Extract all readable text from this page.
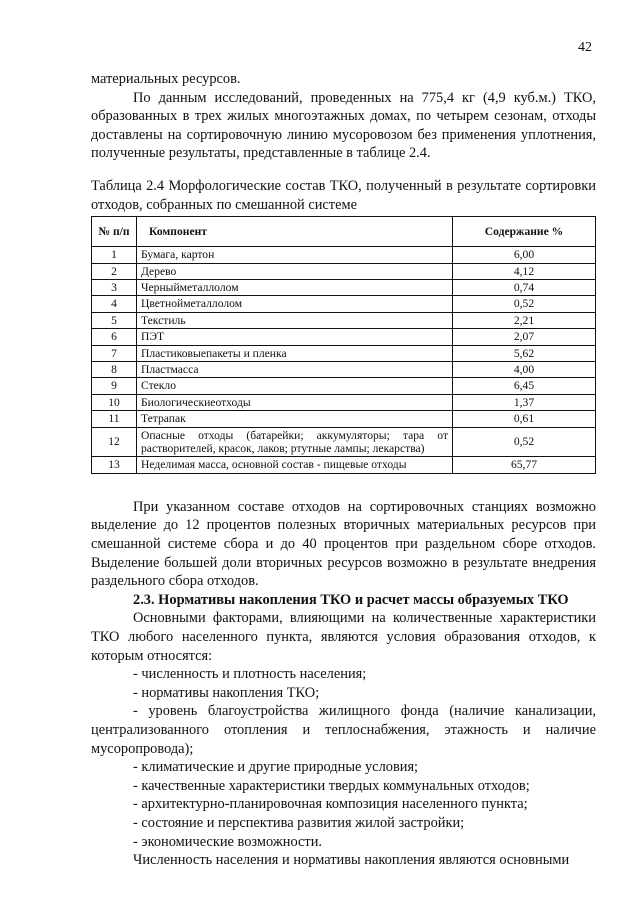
42

материальных ресурсов.

По данным исследований, проведенных на 775,4 кг (4,9 куб.м.) ТКО, образованных в трех жилых многоэтажных домах, по четырем сезонам, отходы доставлены на сортировочную линию мусоровозом без применения уплотнения, полученные результаты, представленные в таблице 2.4.

Таблица 2.4 Морфологические состав ТКО, полученный в результате сортировки отходов, собранных по смешанной системе

№ п/п	Компонент	Содержание %
1	Бумага, картон	6,00
2	Дерево	4,12
3	Черныйметаллолом	0,74
4	Цветнойметаллолом	0,52
5	Текстиль	2,21
6	ПЭТ	2,07
7	Пластиковыепакеты и пленка	5,62
8	Пластмасса	4,00
9	Стекло	6,45
10	Биологическиеотходы	1,37
11	Тетрапак	0,61
12	Опасные отходы (батарейки; аккумуляторы; тара от растворителей, красок, лаков; ртутные лампы; лекарства)	0,52
13	Неделимая масса, основной состав - пищевые отходы	65,77

При указанном составе отходов на сортировочных станциях возможно выделение до 12 процентов полезных вторичных материальных ресурсов при смешанной системе сбора и до 40 процентов при раздельном сборе отходов. Выделение большей доли вторичных ресурсов возможно в результате внедрения раздельного сбора отходов.

2.3. Нормативы накопления ТКО и расчет массы образуемых ТКО

Основными факторами, влияющими на количественные характеристики ТКО любого населенного пункта, являются условия образования отходов, к которым относятся:

- численность и плотность населения;
- нормативы накопления ТКО;
- уровень благоустройства жилищного фонда (наличие канализации, централизованного отопления и теплоснабжения, этажность и наличие мусоропровода);
- климатические и другие природные условия;
- качественные характеристики твердых коммунальных отходов;
- архитектурно-планировочная композиция населенного пункта;
- состояние и перспектива развития жилой застройки;
- экономические возможности.

Численность населения и нормативы накопления являются основными
